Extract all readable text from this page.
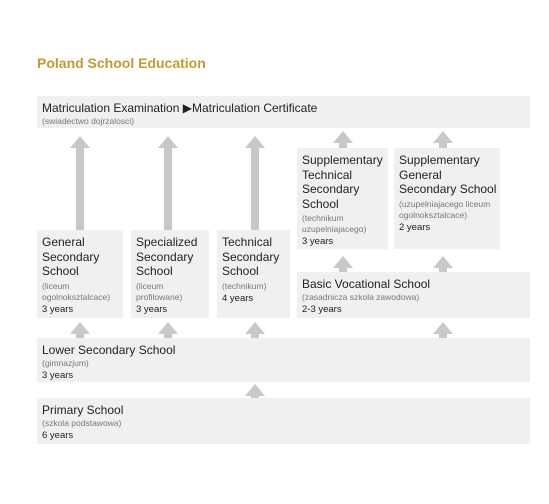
Poland School Education
Matriculation Examination ▶Matriculation Certificate
(swiadectwo dojrzalosci)
Supplementary Technical Secondary School
(technikum uzupelniajacego)
3 years
Supplementary General Secondary School
(uzupelniajacego liceum ogolnoksztalcace)
2 years
General Secondary School
(liceum ogolnoksztalcace)
3 years
Specialized Secondary School
(liceum profilowane)
3 years
Technical Secondary School
(technikum)
4 years
Basic Vocational School
(zasadnicza szkola zawodowa)
2-3 years
Lower Secondary School
(gimnazjum)
3 years
Primary School
(szkola podstawowa)
6 years
